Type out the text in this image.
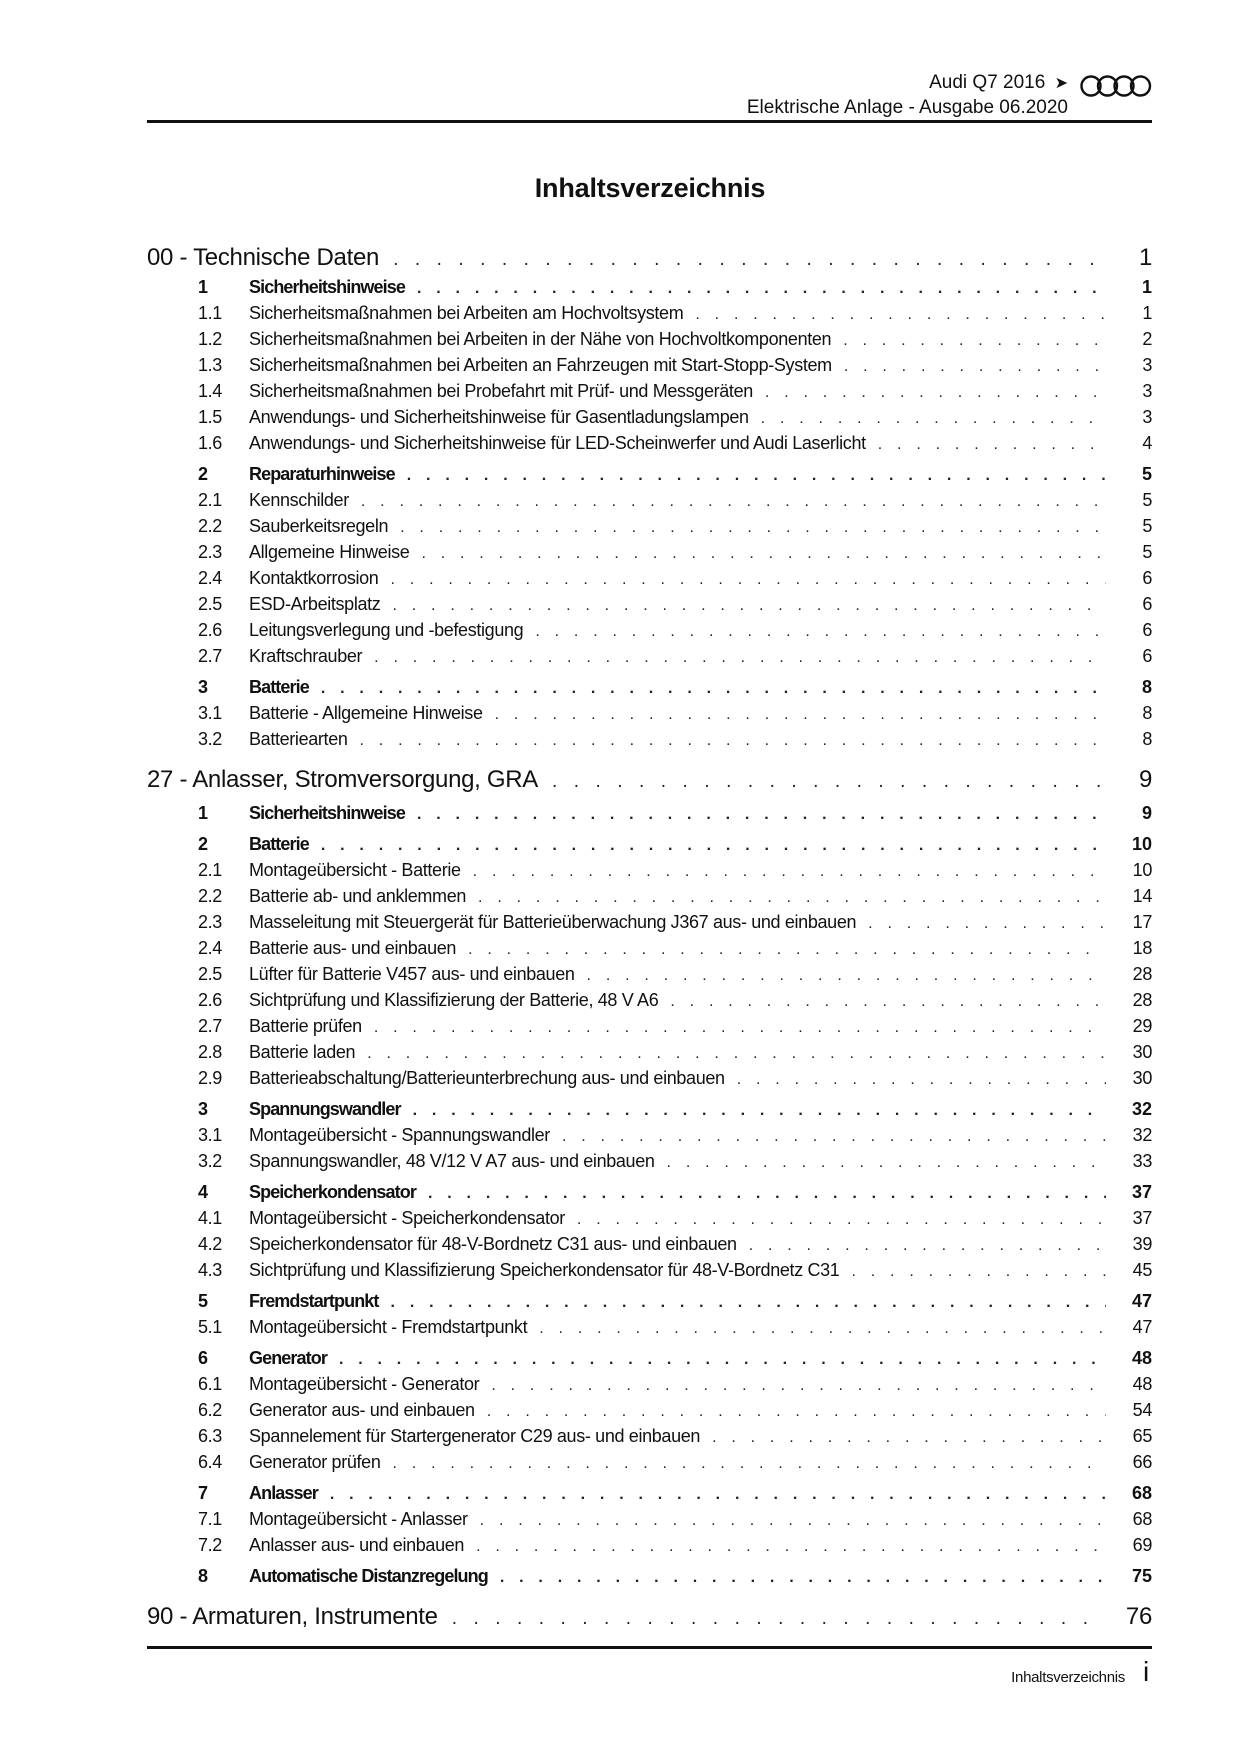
Audi Q7 2016 ➤
Elektrische Anlage - Ausgabe 06.2020
Inhaltsverzeichnis
00 - Technische Daten . . .	1
1	Sicherheitshinweise . . .	1
1.1	Sicherheitsmaßnahmen bei Arbeiten am Hochvoltsystem . . .	1
1.2	Sicherheitsmaßnahmen bei Arbeiten in der Nähe von Hochvoltkomponenten . . .	2
1.3	Sicherheitsmaßnahmen bei Arbeiten an Fahrzeugen mit Start-Stopp-System . . .	3
1.4	Sicherheitsmaßnahmen bei Probefahrt mit Prüf- und Messgeräten . . .	3
1.5	Anwendungs- und Sicherheitshinweise für Gasentladungslampen . . .	3
1.6	Anwendungs- und Sicherheitshinweise für LED-Scheinwerfer und Audi Laserlicht . . .	4
2	Reparaturhinweise . . .	5
2.1	Kennschilder . . .	5
2.2	Sauberkeitsregeln . . .	5
2.3	Allgemeine Hinweise . . .	5
2.4	Kontaktkorrosion . . .	6
2.5	ESD-Arbeitsplatz . . .	6
2.6	Leitungsverlegung und -befestigung . . .	6
2.7	Kraftschrauber . . .	6
3	Batterie . . .	8
3.1	Batterie - Allgemeine Hinweise . . .	8
3.2	Batteriearten . . .	8
27 - Anlasser, Stromversorgung, GRA . . .	9
1	Sicherheitshinweise . . .	9
2	Batterie . . .	10
2.1	Montageübersicht - Batterie . . .	10
2.2	Batterie ab- und anklemmen . . .	14
2.3	Masseleitung mit Steuergerät für Batterieüberwachung J367 aus- und einbauen . . .	17
2.4	Batterie aus- und einbauen . . .	18
2.5	Lüfter für Batterie V457 aus- und einbauen . . .	28
2.6	Sichtprüfung und Klassifizierung der Batterie, 48 V A6 . . .	28
2.7	Batterie prüfen . . .	29
2.8	Batterie laden . . .	30
2.9	Batterieabschaltung/Batterieunterbrechung aus- und einbauen . . .	30
3	Spannungswandler . . .	32
3.1	Montageübersicht - Spannungswandler . . .	32
3.2	Spannungswandler, 48 V/12 V A7 aus- und einbauen . . .	33
4	Speicherkondensator . . .	37
4.1	Montageübersicht - Speicherkondensator . . .	37
4.2	Speicherkondensator für 48-V-Bordnetz C31 aus- und einbauen . . .	39
4.3	Sichtprüfung und Klassifizierung Speicherkondensator für 48-V-Bordnetz C31 . . .	45
5	Fremdstartpunkt . . .	47
5.1	Montageübersicht - Fremdstartpunkt . . .	47
6	Generator . . .	48
6.1	Montageübersicht - Generator . . .	48
6.2	Generator aus- und einbauen . . .	54
6.3	Spannelement für Startergenerator C29 aus- und einbauen . . .	65
6.4	Generator prüfen . . .	66
7	Anlasser . . .	68
7.1	Montageübersicht - Anlasser . . .	68
7.2	Anlasser aus- und einbauen . . .	69
8	Automatische Distanzregelung . . .	75
90 - Armaturen, Instrumente . . .	76
Inhaltsverzeichnis i
